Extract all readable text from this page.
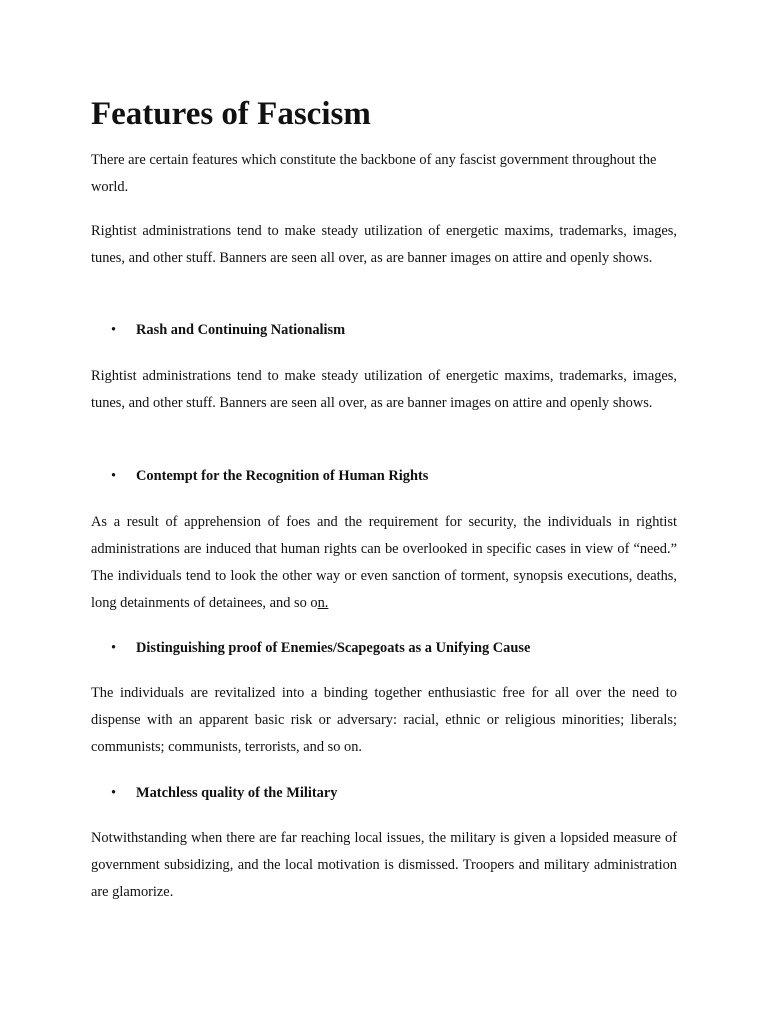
Features of Fascism

There are certain features which constitute the backbone of any fascist government throughout the world.

Rightist administrations tend to make steady utilization of energetic maxims, trademarks, images, tunes, and other stuff. Banners are seen all over, as are banner images on attire and openly shows.

• Rash and Continuing Nationalism

Rightist administrations tend to make steady utilization of energetic maxims, trademarks, images, tunes, and other stuff. Banners are seen all over, as are banner images on attire and openly shows.

• Contempt for the Recognition of Human Rights

As a result of apprehension of foes and the requirement for security, the individuals in rightist administrations are induced that human rights can be overlooked in specific cases in view of “need.” The individuals tend to look the other way or even sanction of torment, synopsis executions, deaths, long detainments of detainees, and so on.

• Distinguishing proof of Enemies/Scapegoats as a Unifying Cause

The individuals are revitalized into a binding together enthusiastic free for all over the need to dispense with an apparent basic risk or adversary: racial, ethnic or religious minorities; liberals; communists; communists, terrorists, and so on.

• Matchless quality of the Military

Notwithstanding when there are far reaching local issues, the military is given a lopsided measure of government subsidizing, and the local motivation is dismissed. Troopers and military administration are glamorize.
